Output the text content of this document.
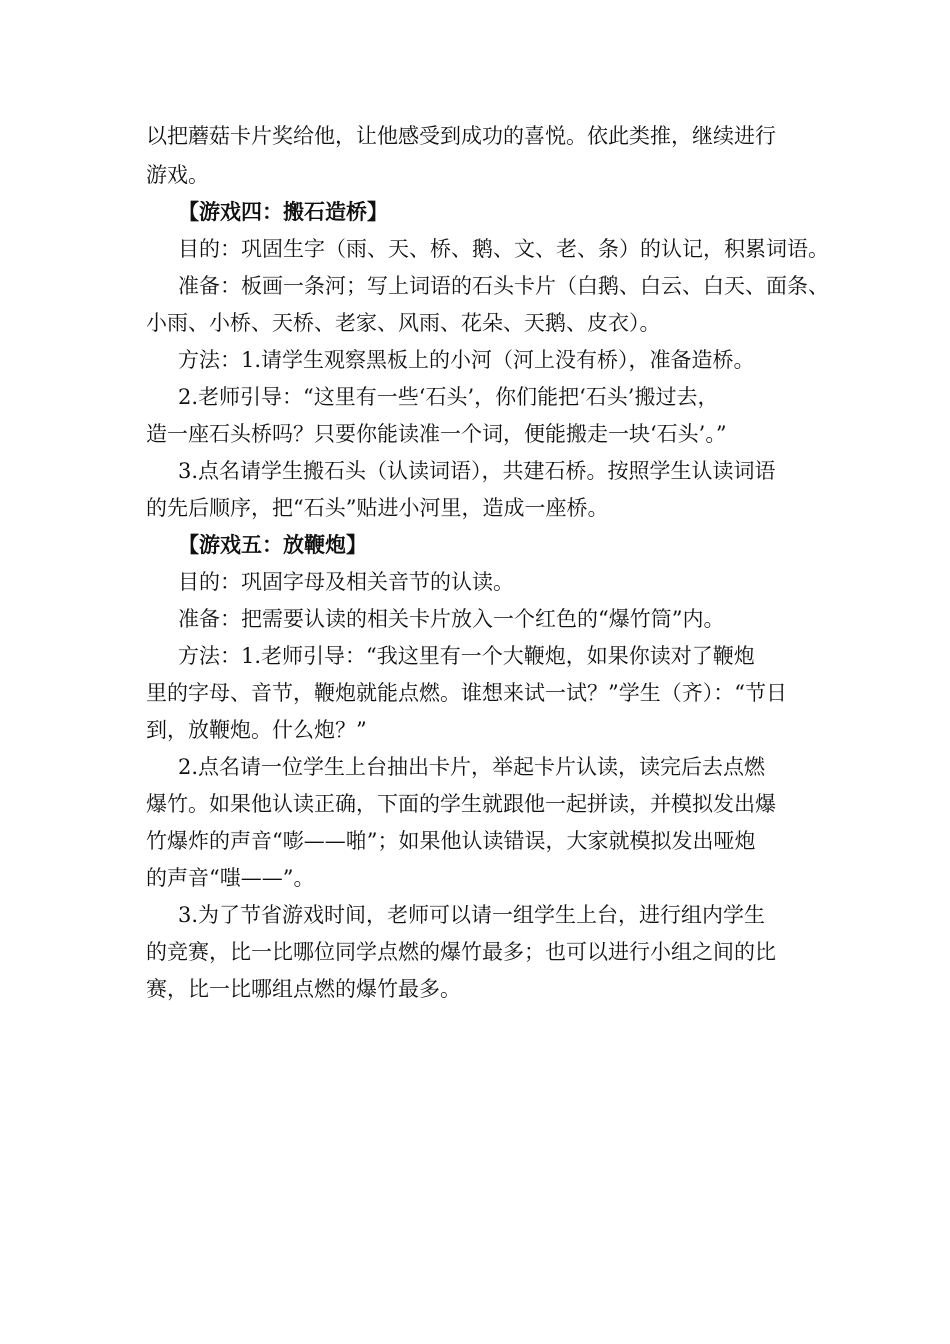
以把蘑菇卡片奖给他，让他感受到成功的喜悦。依此类推，继续进行
游戏。
【游戏四：搬石造桥】
目的：巩固生字（雨、天、桥、鹅、文、老、条）的认记，积累词语。
准备：板画一条河；写上词语的石头卡片（白鹅、白云、白天、面条、
小雨、小桥、天桥、老家、风雨、花朵、天鹅、皮衣）。
方法：1.请学生观察黑板上的小河（河上没有桥），准备造桥。
2.老师引导：“这里有一些‘石头’，你们能把‘石头’搬过去，
造一座石头桥吗？只要你能读准一个词，便能搬走一块‘石头’。”
3.点名请学生搬石头（认读词语），共建石桥。按照学生认读词语
的先后顺序，把“石头”贴进小河里，造成一座桥。
【游戏五：放鞭炮】
目的：巩固字母及相关音节的认读。
准备：把需要认读的相关卡片放入一个红色的“爆竹筒”内。
方法：1.老师引导：“我这里有一个大鞭炮，如果你读对了鞭炮
里的字母、音节，鞭炮就能点燃。谁想来试一试？”学生（齐）：“节日
到，放鞭炮。什么炮？”
2.点名请一位学生上台抽出卡片，举起卡片认读，读完后去点燃
爆竹。如果他认读正确，下面的学生就跟他一起拼读，并模拟发出爆
竹爆炸的声音“嘭——啪”；如果他认读错误，大家就模拟发出哑炮
的声音“嗤——”。
3.为了节省游戏时间，老师可以请一组学生上台，进行组内学生
的竞赛，比一比哪位同学点燃的爆竹最多；也可以进行小组之间的比
赛，比一比哪组点燃的爆竹最多。
